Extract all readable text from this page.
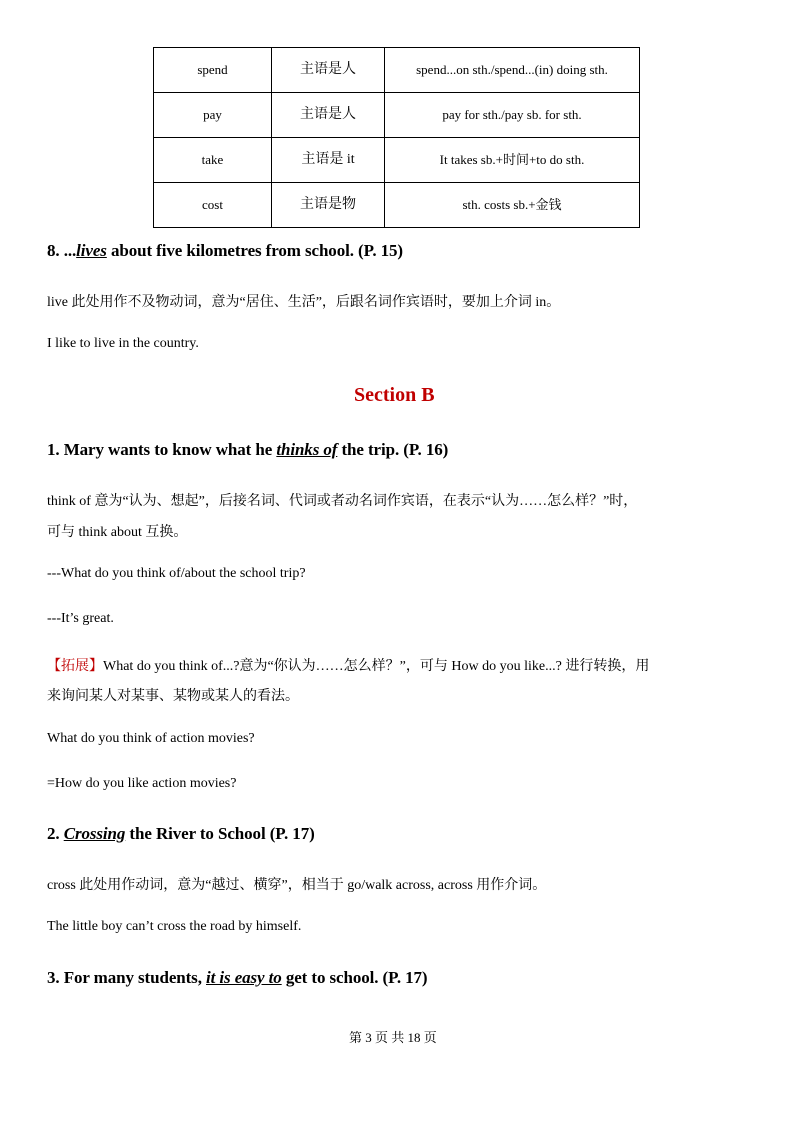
spend	主语是人	spend...on sth./spend...(in) doing sth.
pay	主语是人	pay for sth./pay sb. for sth.
take	主语是 it	It takes sb.+时间+to do sth.
cost	主语是物	sth. costs sb.+金钱
8. ...lives about five kilometres from school. (P. 15)
live 此处用作不及物动词，意为“居住、生活”，后跟名词作宾语时，要加上介词 in。
I like to live in the country.
Section B
1. Mary wants to know what he thinks of the trip. (P. 16)
think of 意为“认为、想起”，后接名词、代词或者动名词作宾语，在表示“认为……怎么样？”时，
可与 think about 互换。
---What do you think of/about the school trip?
---It’s great.
【拓展】What do you think of...?意为“你认为……怎么样？”，可与 How do you like...? 进行转换，用
来询问某人对某事、某物或某人的看法。
What do you think of action movies?
=How do you like action movies?
2. Crossing the River to School (P. 17)
cross 此处用作动词，意为“越过、横穿”，相当于 go/walk across, across 用作介词。
The little boy can’t cross the road by himself.
3. For many students, it is easy to get to school. (P. 17)
第 3 页 共 18 页
